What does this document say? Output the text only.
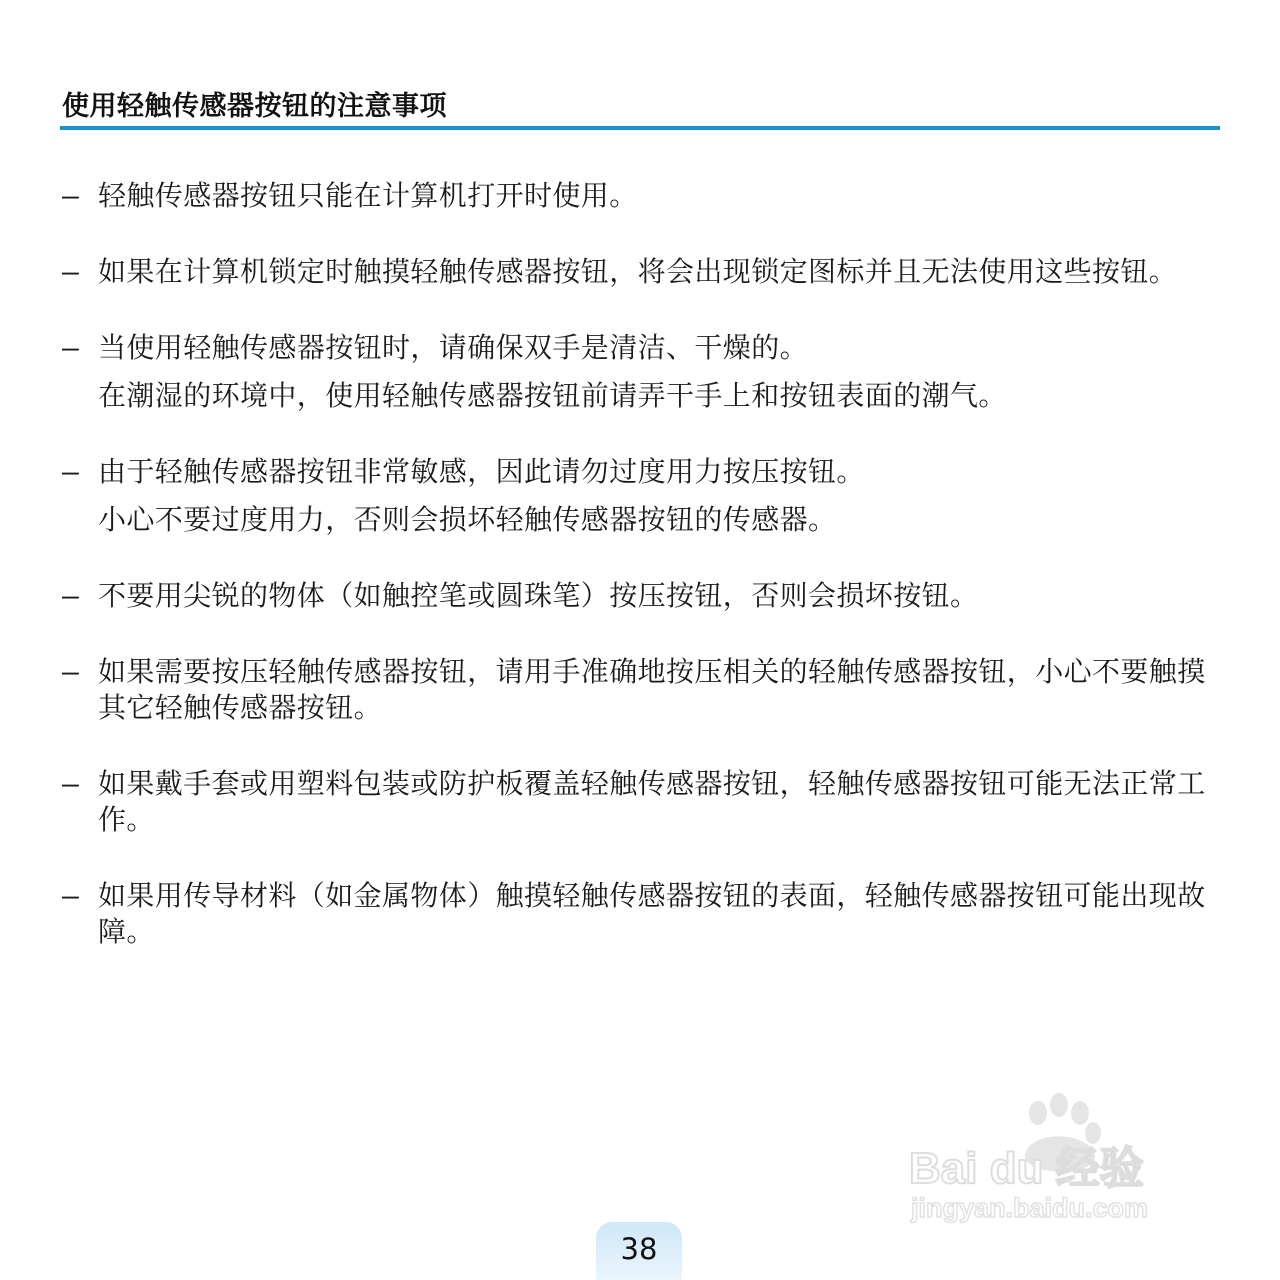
使用轻触传感器按钮的注意事项
– 轻触传感器按钮只能在计算机打开时使用。
– 如果在计算机锁定时触摸轻触传感器按钮，将会出现锁定图标并且无法使用这些按钮。
– 当使用轻触传感器按钮时，请确保双手是清洁、干燥的。
在潮湿的环境中，使用轻触传感器按钮前请弄干手上和按钮表面的潮气。
– 由于轻触传感器按钮非常敏感，因此请勿过度用力按压按钮。
小心不要过度用力，否则会损坏轻触传感器按钮的传感器。
– 不要用尖锐的物体（如触控笔或圆珠笔）按压按钮，否则会损坏按钮。
– 如果需要按压轻触传感器按钮，请用手准确地按压相关的轻触传感器按钮，小心不要触摸其它轻触传感器按钮。
– 如果戴手套或用塑料包装或防护板覆盖轻触传感器按钮，轻触传感器按钮可能无法正常工作。
– 如果用传导材料（如金属物体）触摸轻触传感器按钮的表面，轻触传感器按钮可能出现故障。
Bai du 经验
jingyan.baidu.com
38
